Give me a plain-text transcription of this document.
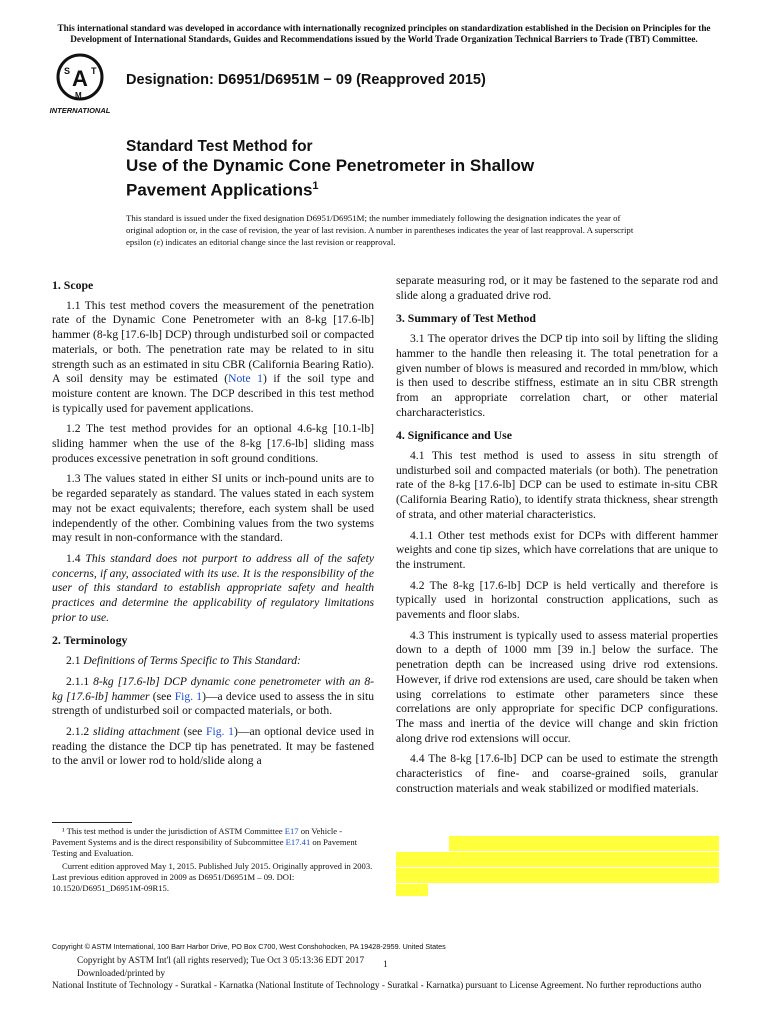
This international standard was developed in accordance with internationally recognized principles on standardization established in the Decision on Principles for the Development of International Standards, Guides and Recommendations issued by the World Trade Organization Technical Barriers to Trade (TBT) Committee.
A
S T
M
INTERNATIONAL
Designation: D6951/D6951M − 09 (Reapproved 2015)
Standard Test Method for
Use of the Dynamic Cone Penetrometer in Shallow
Pavement Applications$^1$
This standard is issued under the fixed designation D6951/D6951M; the number immediately following the designation indicates the year of original adoption or, in the case of revision, the year of last revision. A number in parentheses indicates the year of last reapproval. A superscript epsilon (ε) indicates an editorial change since the last revision or reapproval.
1. Scope

1.1 This test method covers the measurement of the penetration rate of the Dynamic Cone Penetrometer with an 8-kg [17.6-lb] hammer (8-kg [17.6-lb] DCP) through undisturbed soil or compacted materials, or both. The penetration rate may be related to in situ strength such as an estimated in situ CBR (California Bearing Ratio). A soil density may be estimated (Note 1) if the soil type and moisture content are known. The DCP described in this test method is typically used for pavement applications.

1.2 The test method provides for an optional 4.6-kg [10.1-lb] sliding hammer when the use of the 8-kg [17.6-lb] sliding mass produces excessive penetration in soft ground conditions.

1.3 The values stated in either SI units or inch-pound units are to be regarded separately as standard. The values stated in each system may not be exact equivalents; therefore, each system shall be used independently of the other. Combining values from the two systems may result in non-conformance with the standard.

1.4 This standard does not purport to address all of the safety concerns, if any, associated with its use. It is the responsibility of the user of this standard to establish appropriate safety and health practices and determine the applicability of regulatory limitations prior to use.

2. Terminology

2.1 Definitions of Terms Specific to This Standard:

2.1.1 8-kg [17.6-lb] DCP dynamic cone penetrometer with an 8-kg [17.6-lb] hammer (see Fig. 1)—a device used to assess the in situ strength of undisturbed soil or compacted materials, or both.

2.1.2 sliding attachment (see Fig. 1)—an optional device used in reading the distance the DCP tip has penetrated. It may be fastened to the anvil or lower rod to hold/slide along a

separate measuring rod, or it may be fastened to the separate rod and slide along a graduated drive rod.

3. Summary of Test Method

3.1 The operator drives the DCP tip into soil by lifting the sliding hammer to the handle then releasing it. The total penetration for a given number of blows is measured and recorded in mm/blow, which is then used to describe stiffness, estimate an in situ CBR strength from an appropriate correlation chart, or other material charcharacteristics.

4. Significance and Use

4.1 This test method is used to assess in situ strength of undisturbed soil and compacted materials (or both). The penetration rate of the 8-kg [17.6-lb] DCP can be used to estimate in-situ CBR (California Bearing Ratio), to identify strata thickness, shear strength of strata, and other material characteristics.

4.1.1 Other test methods exist for DCPs with different hammer weights and cone tip sizes, which have correlations that are unique to the instrument.

4.2 The 8-kg [17.6-lb] DCP is held vertically and therefore is typically used in horizontal construction applications, such as pavements and floor slabs.

4.3 This instrument is typically used to assess material properties down to a depth of 1000 mm [39 in.] below the surface. The penetration depth can be increased using drive rod extensions. However, if drive rod extensions are used, care should be taken when using correlations to estimate other parameters since these correlations are only appropriate for specific DCP configurations. The mass and inertia of the device will change and skin friction along drive rod extensions will occur.

4.4 The 8-kg [17.6-lb] DCP can be used to estimate the strength characteristics of fine- and coarse-grained soils, granular construction materials and weak stabilized or modified materials.

¹ This test method is under the jurisdiction of ASTM Committee E17 on Vehicle - Pavement Systems and is the direct responsibility of Subcommittee E17.41 on Pavement Testing and Evaluation.

Current edition approved May 1, 2015. Published July 2015. Originally approved in 2003. Last previous edition approved in 2009 as D6951/D6951M – 09. DOI: 10.1520/D6951_D6951M-09R15.

Copyright © ASTM International, 100 Barr Harbor Drive, PO Box C700, West Conshohocken, PA 19428-2959. United States
Copyright by ASTM Int'l (all rights reserved); Tue Oct 3 05:13:36 EDT 2017
Downloaded/printed by
National Institute of Technology - Suratkal - Karnatka (National Institute of Technology - Suratkal - Karnatka) pursuant to License Agreement. No further reproductions autho
1
